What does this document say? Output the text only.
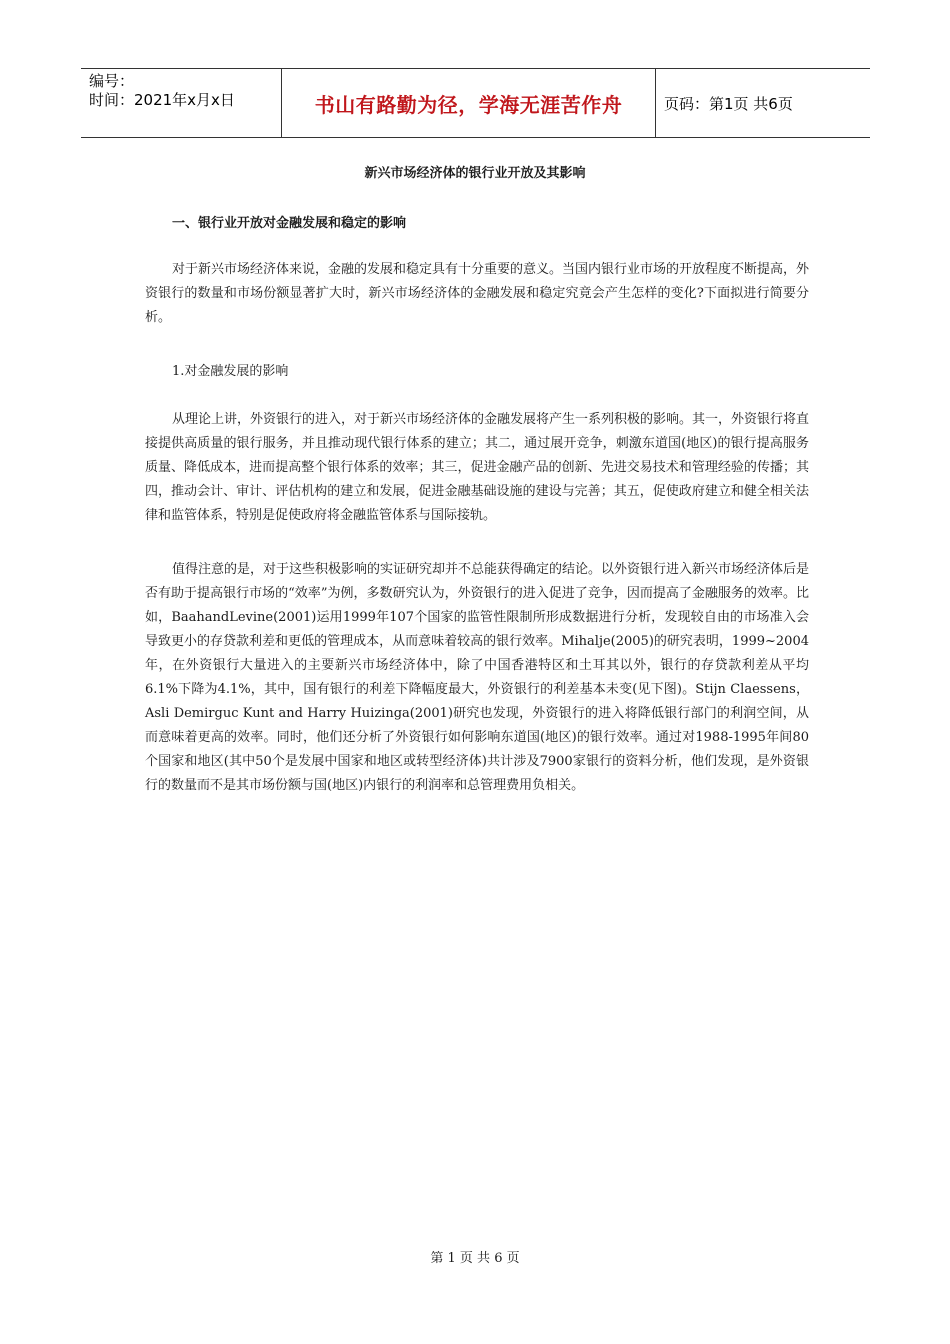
编号：
时间：2021年x月x日	书山有路勤为径，学海无涯苦作舟	页码：第1页 共6页
新兴市场经济体的银行业开放及其影响
一、银行业开放对金融发展和稳定的影响

对于新兴市场经济体来说，金融的发展和稳定具有十分重要的意义。当国内银行业市场的开放程度不断提高，外资银行的数量和市场份额显著扩大时，新兴市场经济体的金融发展和稳定究竟会产生怎样的变化?下面拟进行简要分析。

1.对金融发展的影响

从理论上讲，外资银行的进入，对于新兴市场经济体的金融发展将产生一系列积极的影响。其一，外资银行将直接提供高质量的银行服务，并且推动现代银行体系的建立；其二，通过展开竞争，刺激东道国(地区)的银行提高服务质量、降低成本，进而提高整个银行体系的效率；其三，促进金融产品的创新、先进交易技术和管理经验的传播；其四，推动会计、审计、评估机构的建立和发展，促进金融基础设施的建设与完善；其五，促使政府建立和健全相关法律和监管体系，特别是促使政府将金融监管体系与国际接轨。

值得注意的是，对于这些积极影响的实证研究却并不总能获得确定的结论。以外资银行进入新兴市场经济体后是否有助于提高银行市场的“效率”为例，多数研究认为，外资银行的进入促进了竞争，因而提高了金融服务的效率。比如，BaahandLevine(2001)运用1999年107个国家的监管性限制所形成数据进行分析，发现较自由的市场准入会导致更小的存贷款利差和更低的管理成本，从而意味着较高的银行效率。Mihalje(2005)的研究表明，1999~2004年，在外资银行大量进入的主要新兴市场经济体中，除了中国香港特区和土耳其以外，银行的存贷款利差从平均6.1%下降为4.1%，其中，国有银行的利差下降幅度最大，外资银行的利差基本未变(见下图)。Stijn Claessens，Asli Demirguc Kunt and Harry Huizinga(2001)研究也发现，外资银行的进入将降低银行部门的利润空间，从而意味着更高的效率。同时，他们还分析了外资银行如何影响东道国(地区)的银行效率。通过对1988-1995年间80个国家和地区(其中50个是发展中国家和地区或转型经济体)共计涉及7900家银行的资料分析，他们发现，是外资银行的数量而不是其市场份额与国(地区)内银行的利润率和总管理费用负相关。

第 1 页 共 6 页
